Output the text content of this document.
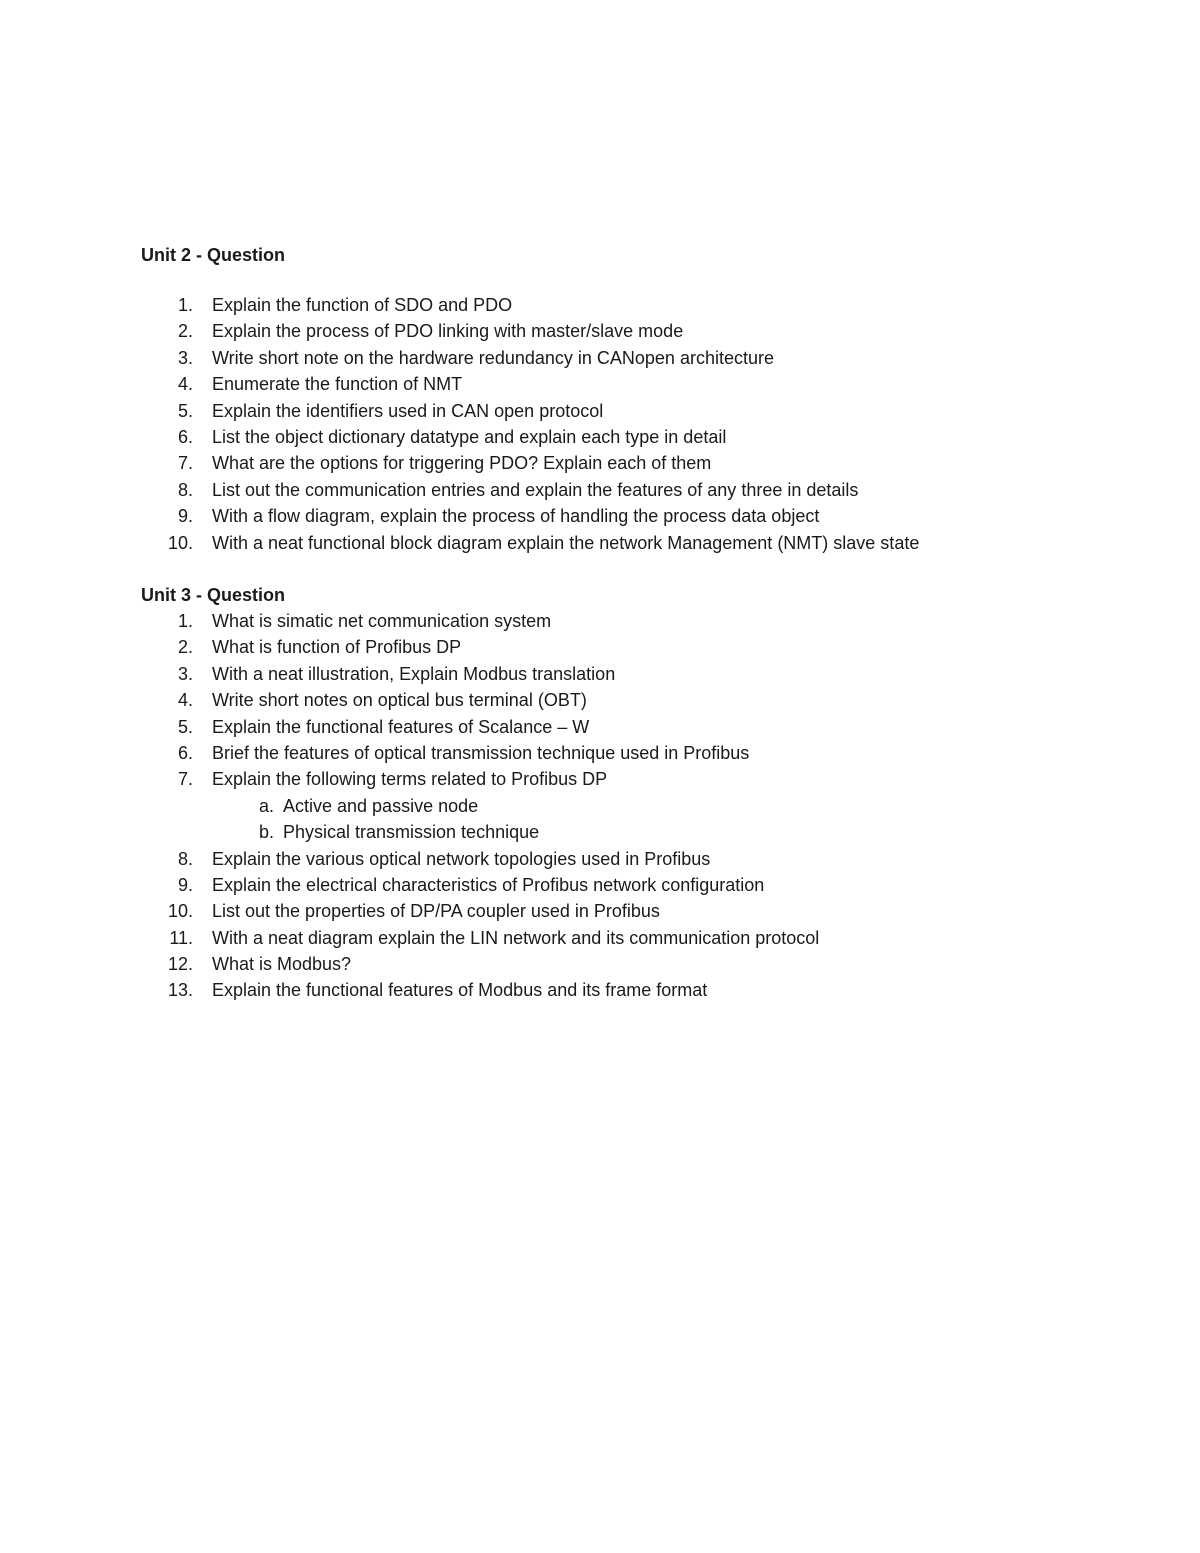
Unit 2 - Question
1. Explain the function of SDO and PDO
2. Explain the process of PDO linking with master/slave mode
3. Write short note on the hardware redundancy in CANopen architecture
4. Enumerate the function of NMT
5. Explain the identifiers used in CAN open protocol
6. List the object dictionary datatype and explain each type in detail
7. What are the options for triggering PDO? Explain each of them
8. List out the communication entries and explain the features of any three in details
9. With a flow diagram, explain the process of handling the process data object
10. With a neat functional block diagram explain the network Management (NMT) slave state
Unit 3 - Question
1. What is simatic net communication system
2. What is function of Profibus DP
3. With a neat illustration, Explain Modbus translation
4. Write short notes on optical bus terminal (OBT)
5. Explain the functional features of Scalance – W
6. Brief the features of optical transmission technique used in Profibus
7. Explain the following terms related to Profibus DP
a. Active and passive node
b. Physical transmission technique
8. Explain the various optical network topologies used in Profibus
9. Explain the electrical characteristics of Profibus network configuration
10. List out the properties of DP/PA coupler used in Profibus
11. With a neat diagram explain the LIN network and its communication protocol
12. What is Modbus?
13. Explain the functional features of Modbus and its frame format
